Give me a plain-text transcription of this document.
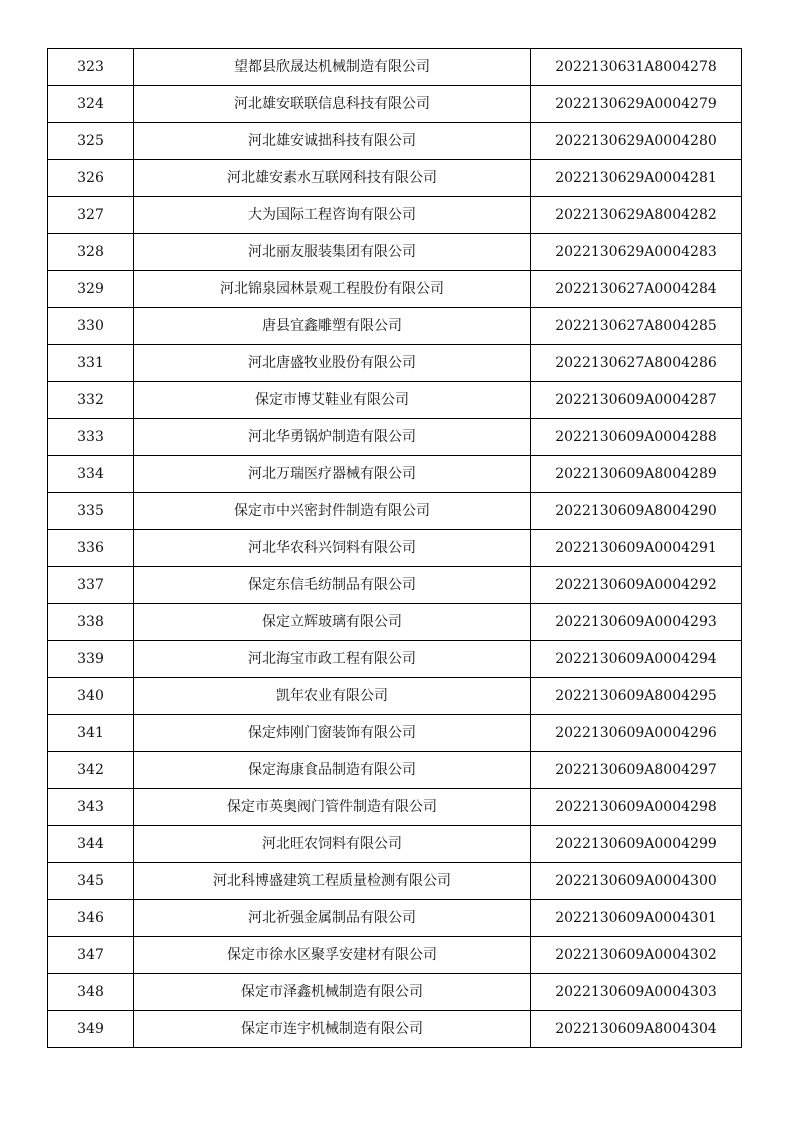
323	望都县欣晟达机械制造有限公司	2022130631A8004278
324	河北雄安联联信息科技有限公司	2022130629A0004279
325	河北雄安诚拙科技有限公司	2022130629A0004280
326	河北雄安素水互联网科技有限公司	2022130629A0004281
327	大为国际工程咨询有限公司	2022130629A8004282
328	河北丽友服装集团有限公司	2022130629A0004283
329	河北锦泉园林景观工程股份有限公司	2022130627A0004284
330	唐县宜鑫雕塑有限公司	2022130627A8004285
331	河北唐盛牧业股份有限公司	2022130627A8004286
332	保定市博艾鞋业有限公司	2022130609A0004287
333	河北华勇锅炉制造有限公司	2022130609A0004288
334	河北万瑞医疗器械有限公司	2022130609A8004289
335	保定市中兴密封件制造有限公司	2022130609A8004290
336	河北华农科兴饲料有限公司	2022130609A0004291
337	保定东信毛纺制品有限公司	2022130609A0004292
338	保定立辉玻璃有限公司	2022130609A0004293
339	河北海宝市政工程有限公司	2022130609A0004294
340	凯年农业有限公司	2022130609A8004295
341	保定炜刚门窗装饰有限公司	2022130609A0004296
342	保定海康食品制造有限公司	2022130609A8004297
343	保定市英奥阀门管件制造有限公司	2022130609A0004298
344	河北旺农饲料有限公司	2022130609A0004299
345	河北科博盛建筑工程质量检测有限公司	2022130609A0004300
346	河北祈强金属制品有限公司	2022130609A0004301
347	保定市徐水区聚孚安建材有限公司	2022130609A0004302
348	保定市泽鑫机械制造有限公司	2022130609A0004303
349	保定市连宇机械制造有限公司	2022130609A8004304
